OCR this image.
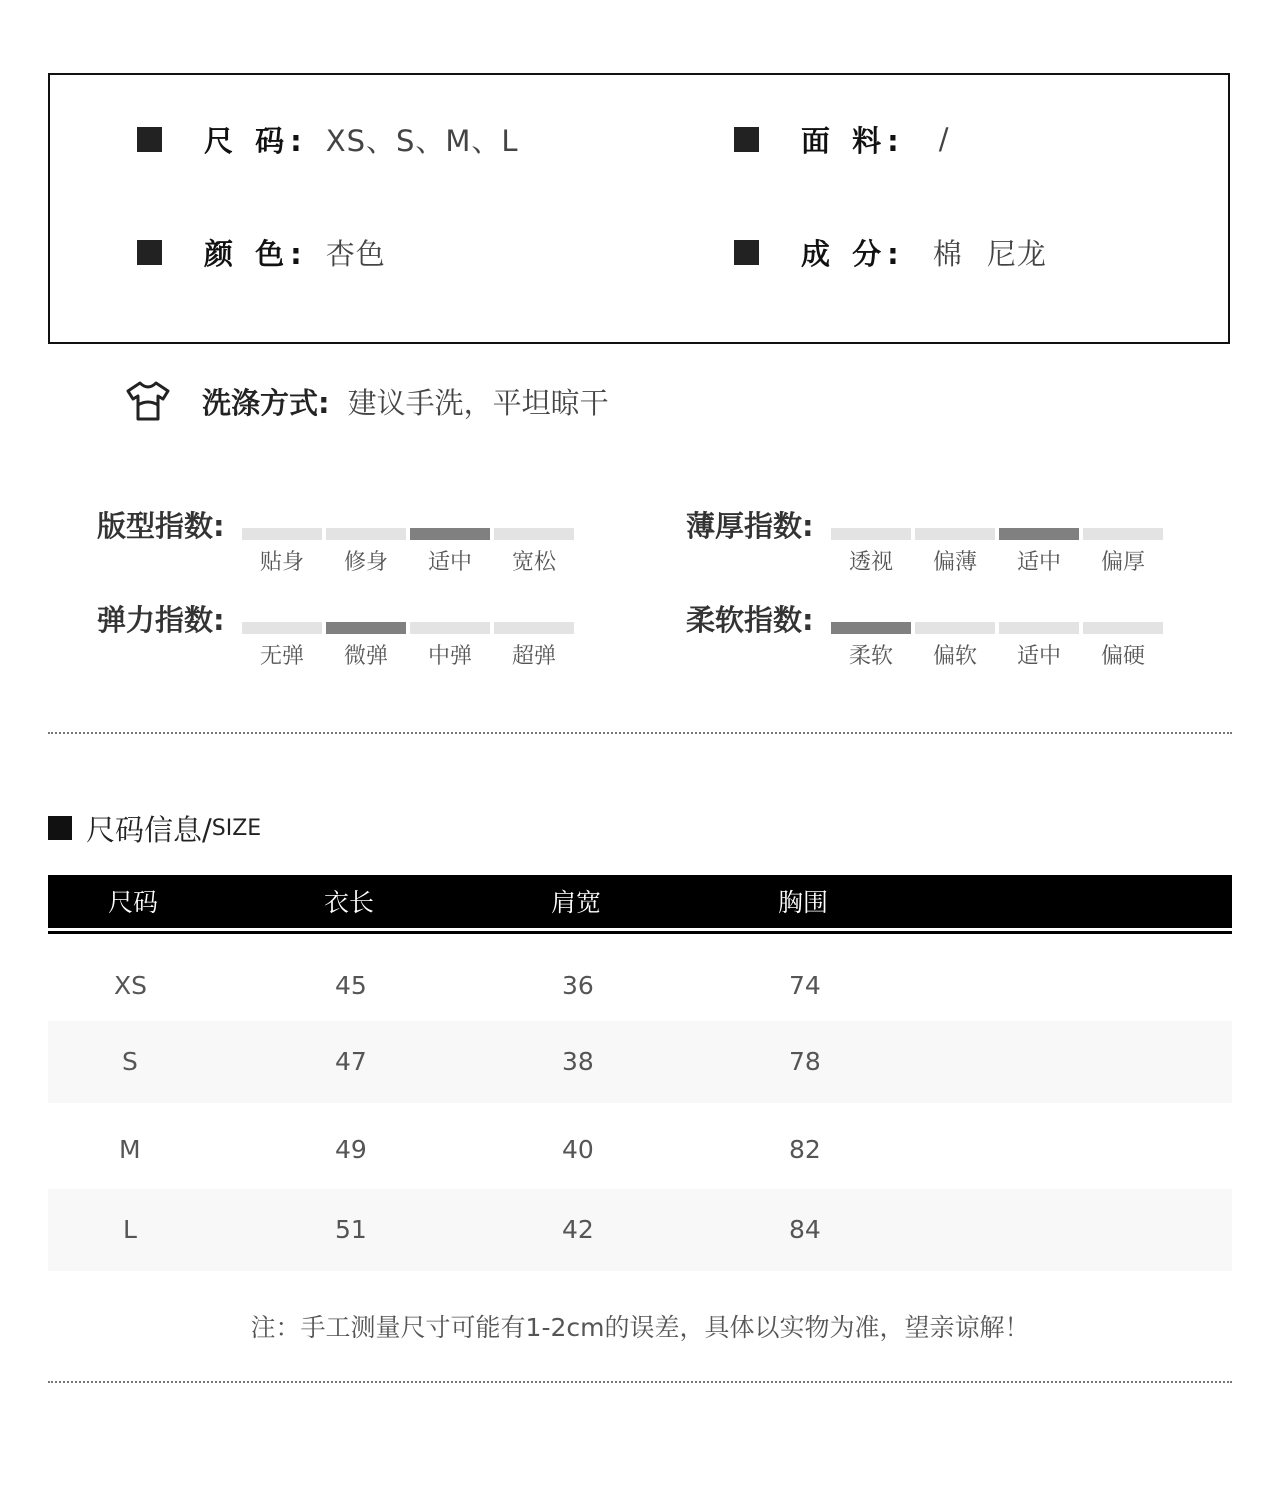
尺 码: XS、S、M、L	面 料: /
颜 色: 杏色	成 分: 棉 尼龙
洗涤方式: 建议手洗，平坦晾干
版型指数:
贴身	修身	适中	宽松
薄厚指数:
透视	偏薄	适中	偏厚
弹力指数:
无弹	微弹	中弹	超弹
柔软指数:
柔软	偏软	适中	偏硬
尺码信息/ SIZE
尺码	衣长	肩宽	胸围
XS	45	36	74
S	47	38	78
M	49	40	82
L	51	42	84
注：手工测量尺寸可能有1-2cm的误差，具体以实物为准，望亲谅解！
